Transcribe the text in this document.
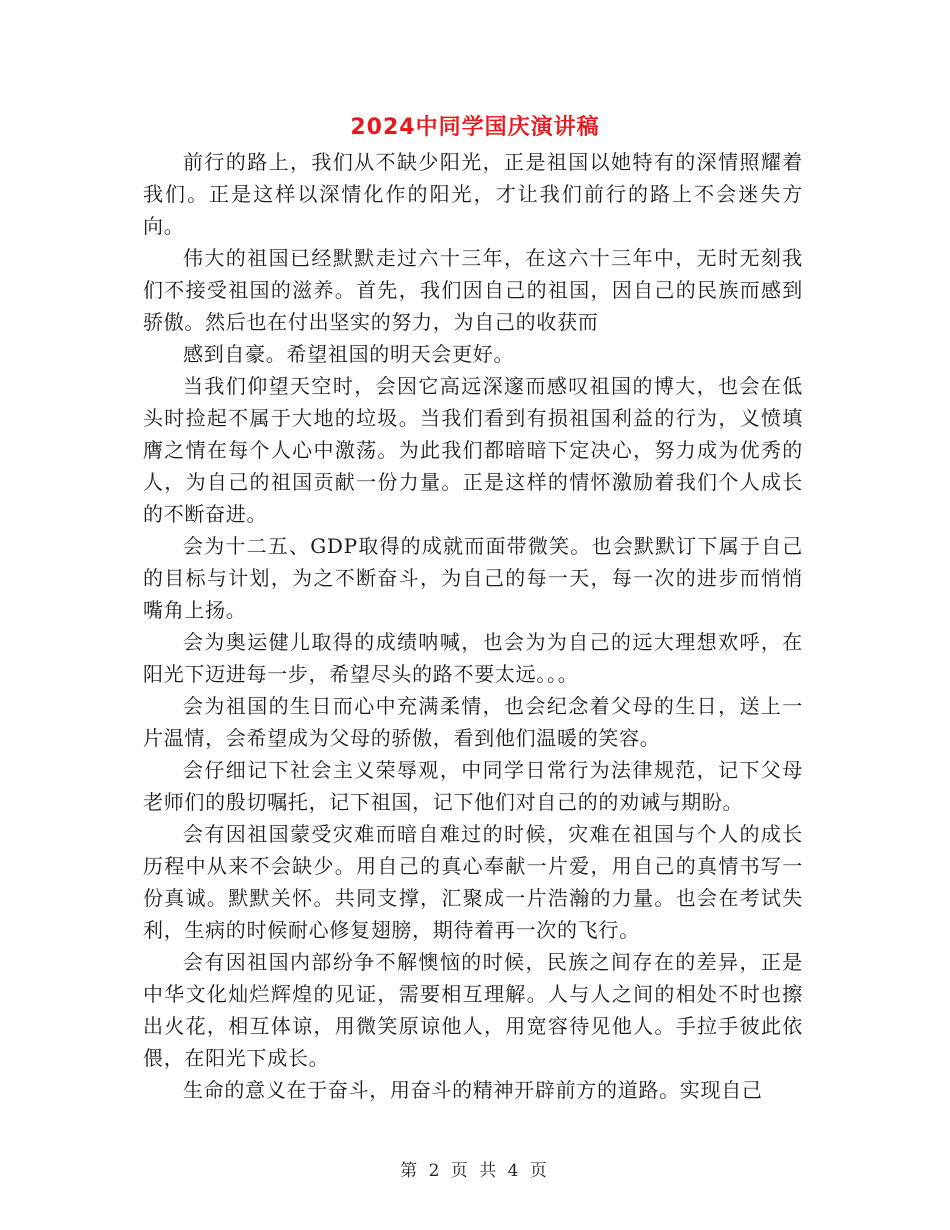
2024中同学国庆演讲稿

前行的路上，我们从不缺少阳光，正是祖国以她特有的深情照耀着我们。正是这样以深情化作的阳光，才让我们前行的路上不会迷失方向。

伟大的祖国已经默默走过六十三年，在这六十三年中，无时无刻我们不接受祖国的滋养。首先，我们因自己的祖国，因自己的民族而感到骄傲。然后也在付出坚实的努力，为自己的收获而

感到自豪。希望祖国的明天会更好。

当我们仰望天空时，会因它高远深邃而感叹祖国的博大，也会在低头时捡起不属于大地的垃圾。当我们看到有损祖国利益的行为，义愤填膺之情在每个人心中激荡。为此我们都暗暗下定决心，努力成为优秀的人，为自己的祖国贡献一份力量。正是这样的情怀激励着我们个人成长的不断奋进。

会为十二五、GDP取得的成就而面带微笑。也会默默订下属于自己的目标与计划，为之不断奋斗，为自己的每一天，每一次的进步而悄悄嘴角上扬。

会为奥运健儿取得的成绩呐喊，也会为为自己的远大理想欢呼，在阳光下迈进每一步，希望尽头的路不要太远。。。

会为祖国的生日而心中充满柔情，也会纪念着父母的生日，送上一片温情，会希望成为父母的骄傲，看到他们温暖的笑容。

会仔细记下社会主义荣辱观，中同学日常行为法律规范，记下父母老师们的殷切嘱托，记下祖国，记下他们对自己的的劝诫与期盼。

会有因祖国蒙受灾难而暗自难过的时候，灾难在祖国与个人的成长历程中从来不会缺少。用自己的真心奉献一片爱，用自己的真情书写一份真诚。默默关怀。共同支撑，汇聚成一片浩瀚的力量。也会在考试失利，生病的时候耐心修复翅膀，期待着再一次的飞行。

会有因祖国内部纷争不解懊恼的时候，民族之间存在的差异，正是中华文化灿烂辉煌的见证，需要相互理解。人与人之间的相处不时也擦出火花，相互体谅，用微笑原谅他人，用宽容待见他人。手拉手彼此依偎，在阳光下成长。

生命的意义在于奋斗，用奋斗的精神开辟前方的道路。实现自己

第 2 页 共 4 页
